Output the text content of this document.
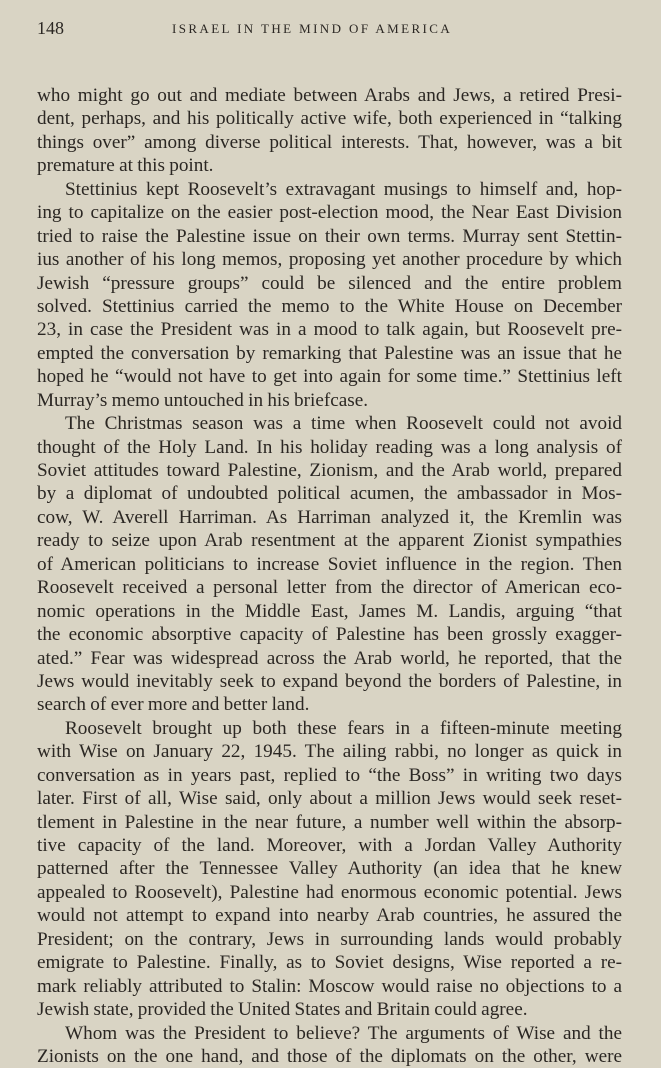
148	ISRAEL IN THE MIND OF AMERICA
who might go out and mediate between Arabs and Jews, a retired Presi-
dent, perhaps, and his politically active wife, both experienced in “talking
things over” among diverse political interests. That, however, was a bit
premature at this point.
Stettinius kept Roosevelt’s extravagant musings to himself and, hop-
ing to capitalize on the easier post-election mood, the Near East Division
tried to raise the Palestine issue on their own terms. Murray sent Stettin-
ius another of his long memos, proposing yet another procedure by which
Jewish “pressure groups” could be silenced and the entire problem
solved. Stettinius carried the memo to the White House on December
23, in case the President was in a mood to talk again, but Roosevelt pre-
empted the conversation by remarking that Palestine was an issue that he
hoped he “would not have to get into again for some time.” Stettinius left
Murray’s memo untouched in his briefcase.
The Christmas season was a time when Roosevelt could not avoid
thought of the Holy Land. In his holiday reading was a long analysis of
Soviet attitudes toward Palestine, Zionism, and the Arab world, prepared
by a diplomat of undoubted political acumen, the ambassador in Mos-
cow, W. Averell Harriman. As Harriman analyzed it, the Kremlin was
ready to seize upon Arab resentment at the apparent Zionist sympathies
of American politicians to increase Soviet influence in the region. Then
Roosevelt received a personal letter from the director of American eco-
nomic operations in the Middle East, James M. Landis, arguing “that
the economic absorptive capacity of Palestine has been grossly exagger-
ated.” Fear was widespread across the Arab world, he reported, that the
Jews would inevitably seek to expand beyond the borders of Palestine, in
search of ever more and better land.
Roosevelt brought up both these fears in a fifteen-minute meeting
with Wise on January 22, 1945. The ailing rabbi, no longer as quick in
conversation as in years past, replied to “the Boss” in writing two days
later. First of all, Wise said, only about a million Jews would seek reset-
tlement in Palestine in the near future, a number well within the absorp-
tive capacity of the land. Moreover, with a Jordan Valley Authority
patterned after the Tennessee Valley Authority (an idea that he knew
appealed to Roosevelt), Palestine had enormous economic potential. Jews
would not attempt to expand into nearby Arab countries, he assured the
President; on the contrary, Jews in surrounding lands would probably
emigrate to Palestine. Finally, as to Soviet designs, Wise reported a re-
mark reliably attributed to Stalin: Moscow would raise no objections to a
Jewish state, provided the United States and Britain could agree.
Whom was the President to believe? The arguments of Wise and the
Zionists on the one hand, and those of the diplomats on the other, were
